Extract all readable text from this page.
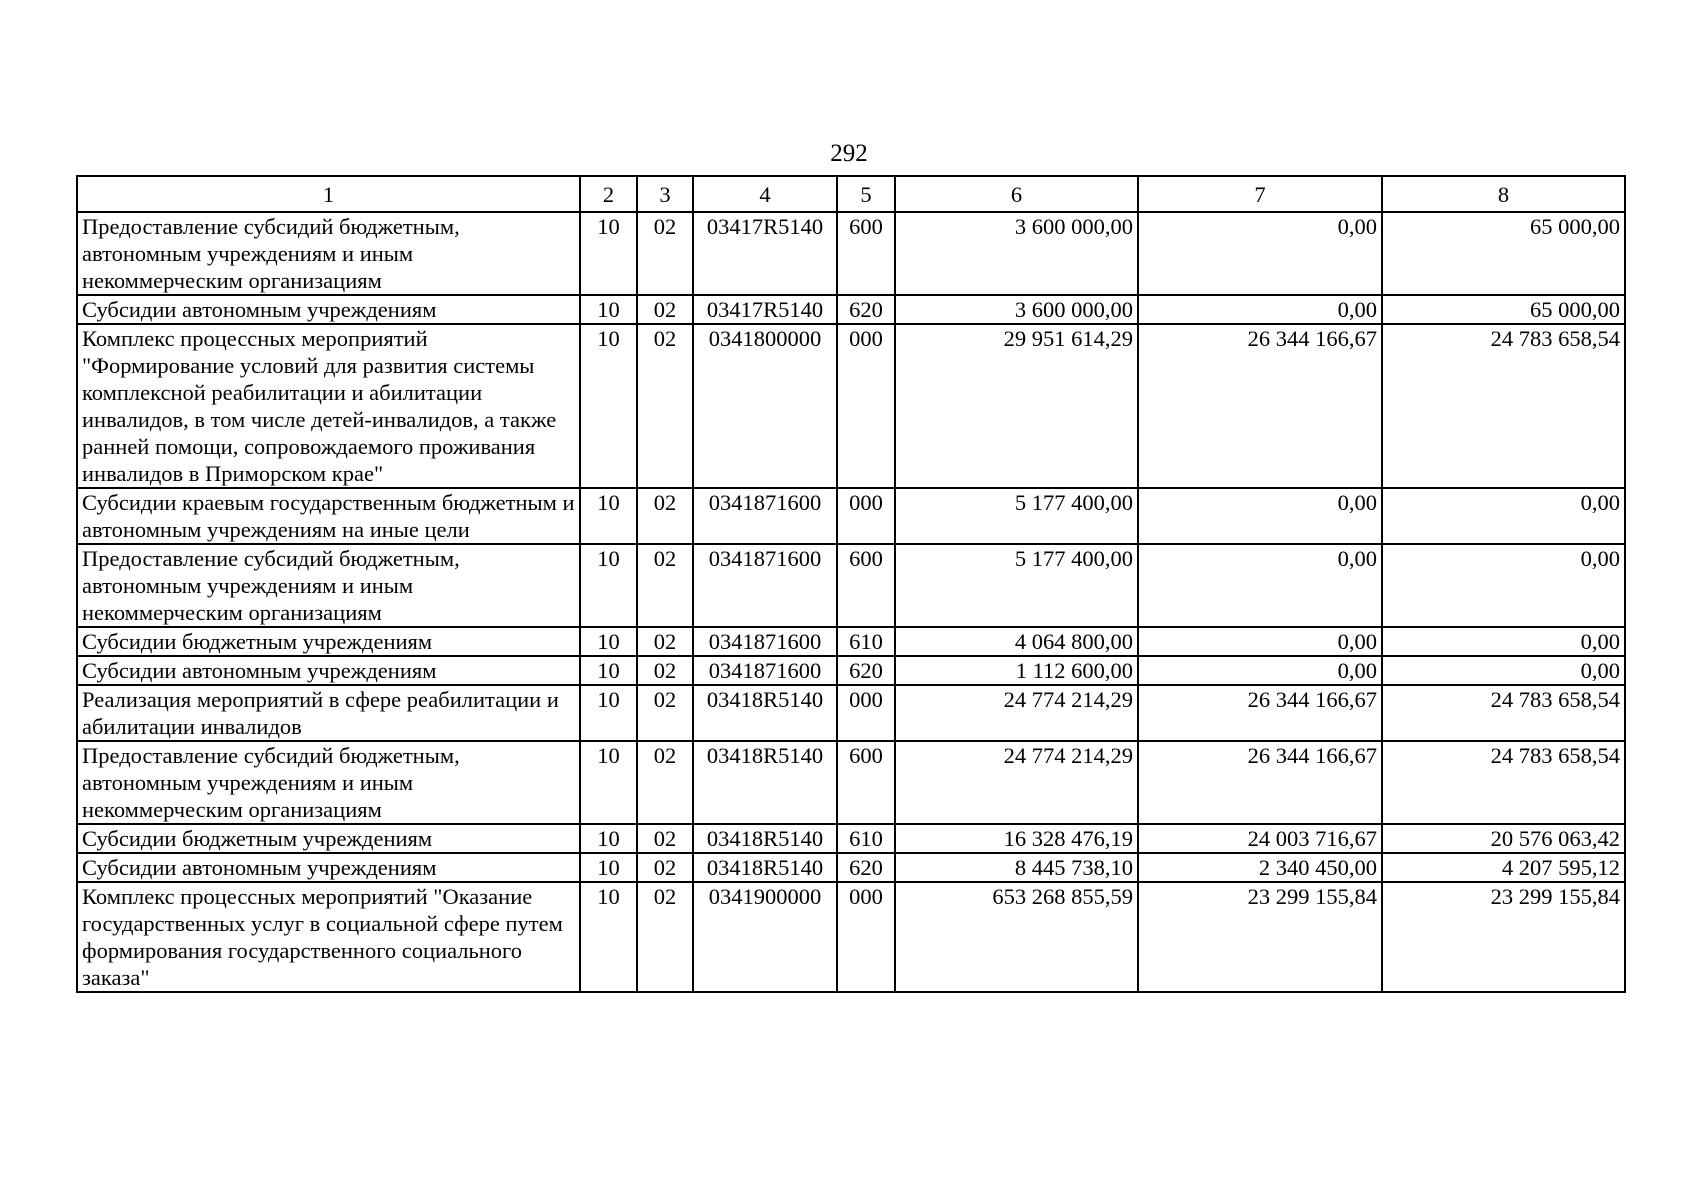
292
1	2	3	4	5	6	7	8
Предоставление субсидий бюджетным, автономным учреждениям и иным некоммерческим организациям	10	02	03417R5140	600	3 600 000,00	0,00	65 000,00
Субсидии автономным учреждениям	10	02	03417R5140	620	3 600 000,00	0,00	65 000,00
Комплекс процессных мероприятий "Формирование условий для развития системы комплексной реабилитации и абилитации инвалидов, в том числе детей-инвалидов, а также ранней помощи, сопровождаемого проживания инвалидов в Приморском крае"	10	02	0341800000	000	29 951 614,29	26 344 166,67	24 783 658,54
Субсидии краевым государственным бюджетным и автономным учреждениям на иные цели	10	02	0341871600	000	5 177 400,00	0,00	0,00
Предоставление субсидий бюджетным, автономным учреждениям и иным некоммерческим организациям	10	02	0341871600	600	5 177 400,00	0,00	0,00
Субсидии бюджетным учреждениям	10	02	0341871600	610	4 064 800,00	0,00	0,00
Субсидии автономным учреждениям	10	02	0341871600	620	1 112 600,00	0,00	0,00
Реализация мероприятий в сфере реабилитации и абилитации инвалидов	10	02	03418R5140	000	24 774 214,29	26 344 166,67	24 783 658,54
Предоставление субсидий бюджетным, автономным учреждениям и иным некоммерческим организациям	10	02	03418R5140	600	24 774 214,29	26 344 166,67	24 783 658,54
Субсидии бюджетным учреждениям	10	02	03418R5140	610	16 328 476,19	24 003 716,67	20 576 063,42
Субсидии автономным учреждениям	10	02	03418R5140	620	8 445 738,10	2 340 450,00	4 207 595,12
Комплекс процессных мероприятий "Оказание государственных услуг в социальной сфере путем формирования государственного социального заказа"	10	02	0341900000	000	653 268 855,59	23 299 155,84	23 299 155,84
